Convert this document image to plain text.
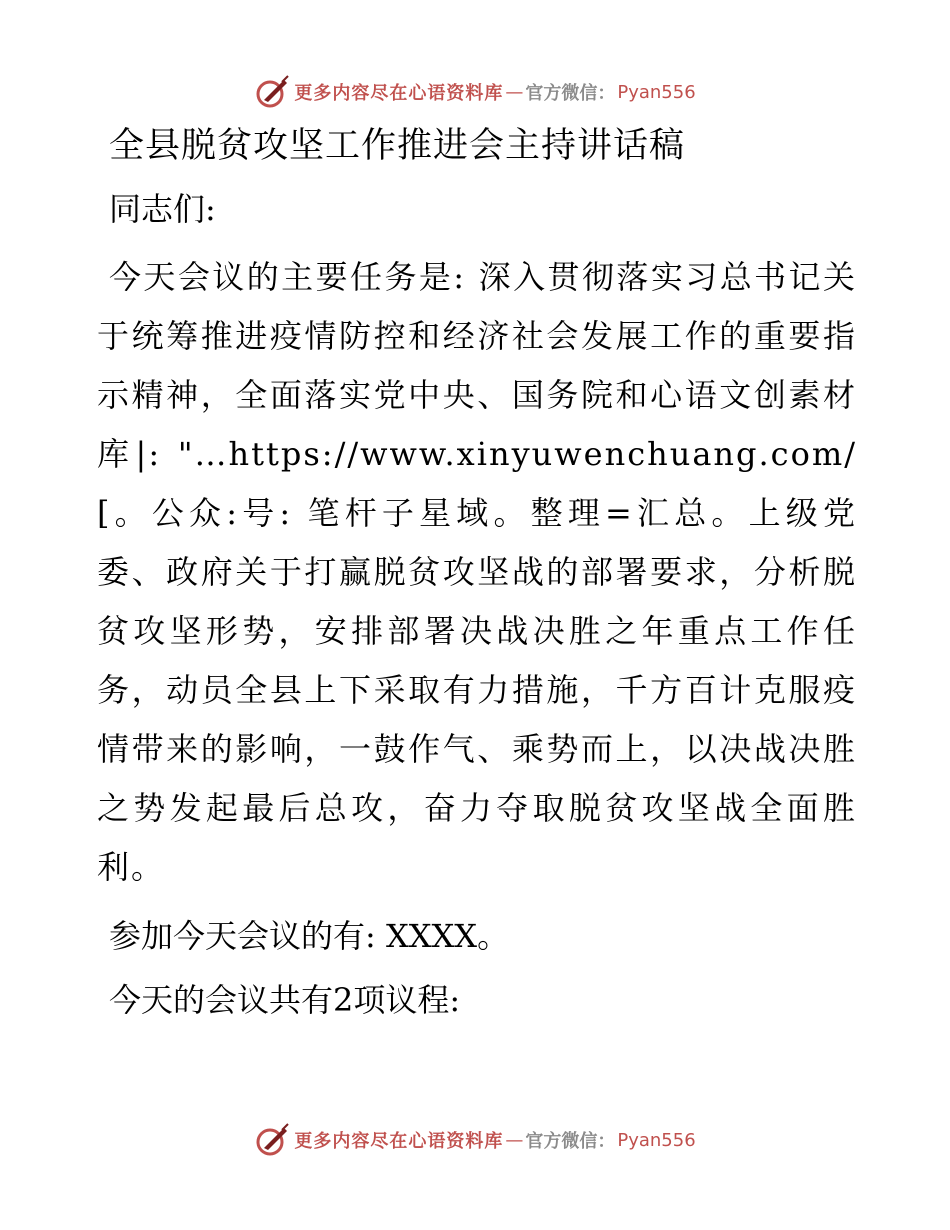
更多内容尽在心语资料库 — 官方微信： Pyan556
全县脱贫攻坚工作推进会主持讲话稿
同志们:
今天会议的主要任务是: 深入贯彻落实习总书记关于统筹推进疫情防控和经济社会发展工作的重要指示精神，全面落实党中央、国务院和心语文创素材库|: "…https://www.xinyuwenchuang.com/[。公众:号: 笔杆子星域。整理=汇总。上级党委、政府关于打赢脱贫攻坚战的部署要求，分析脱贫攻坚形势，安排部署决战决胜之年重点工作任务，动员全县上下采取有力措施，千方百计克服疫情带来的影响，一鼓作气、乘势而上，以决战决胜之势发起最后总攻，奋力夺取脱贫攻坚战全面胜利。
参加今天会议的有: XXXX。
今天的会议共有2项议程:
更多内容尽在心语资料库 — 官方微信： Pyan556
